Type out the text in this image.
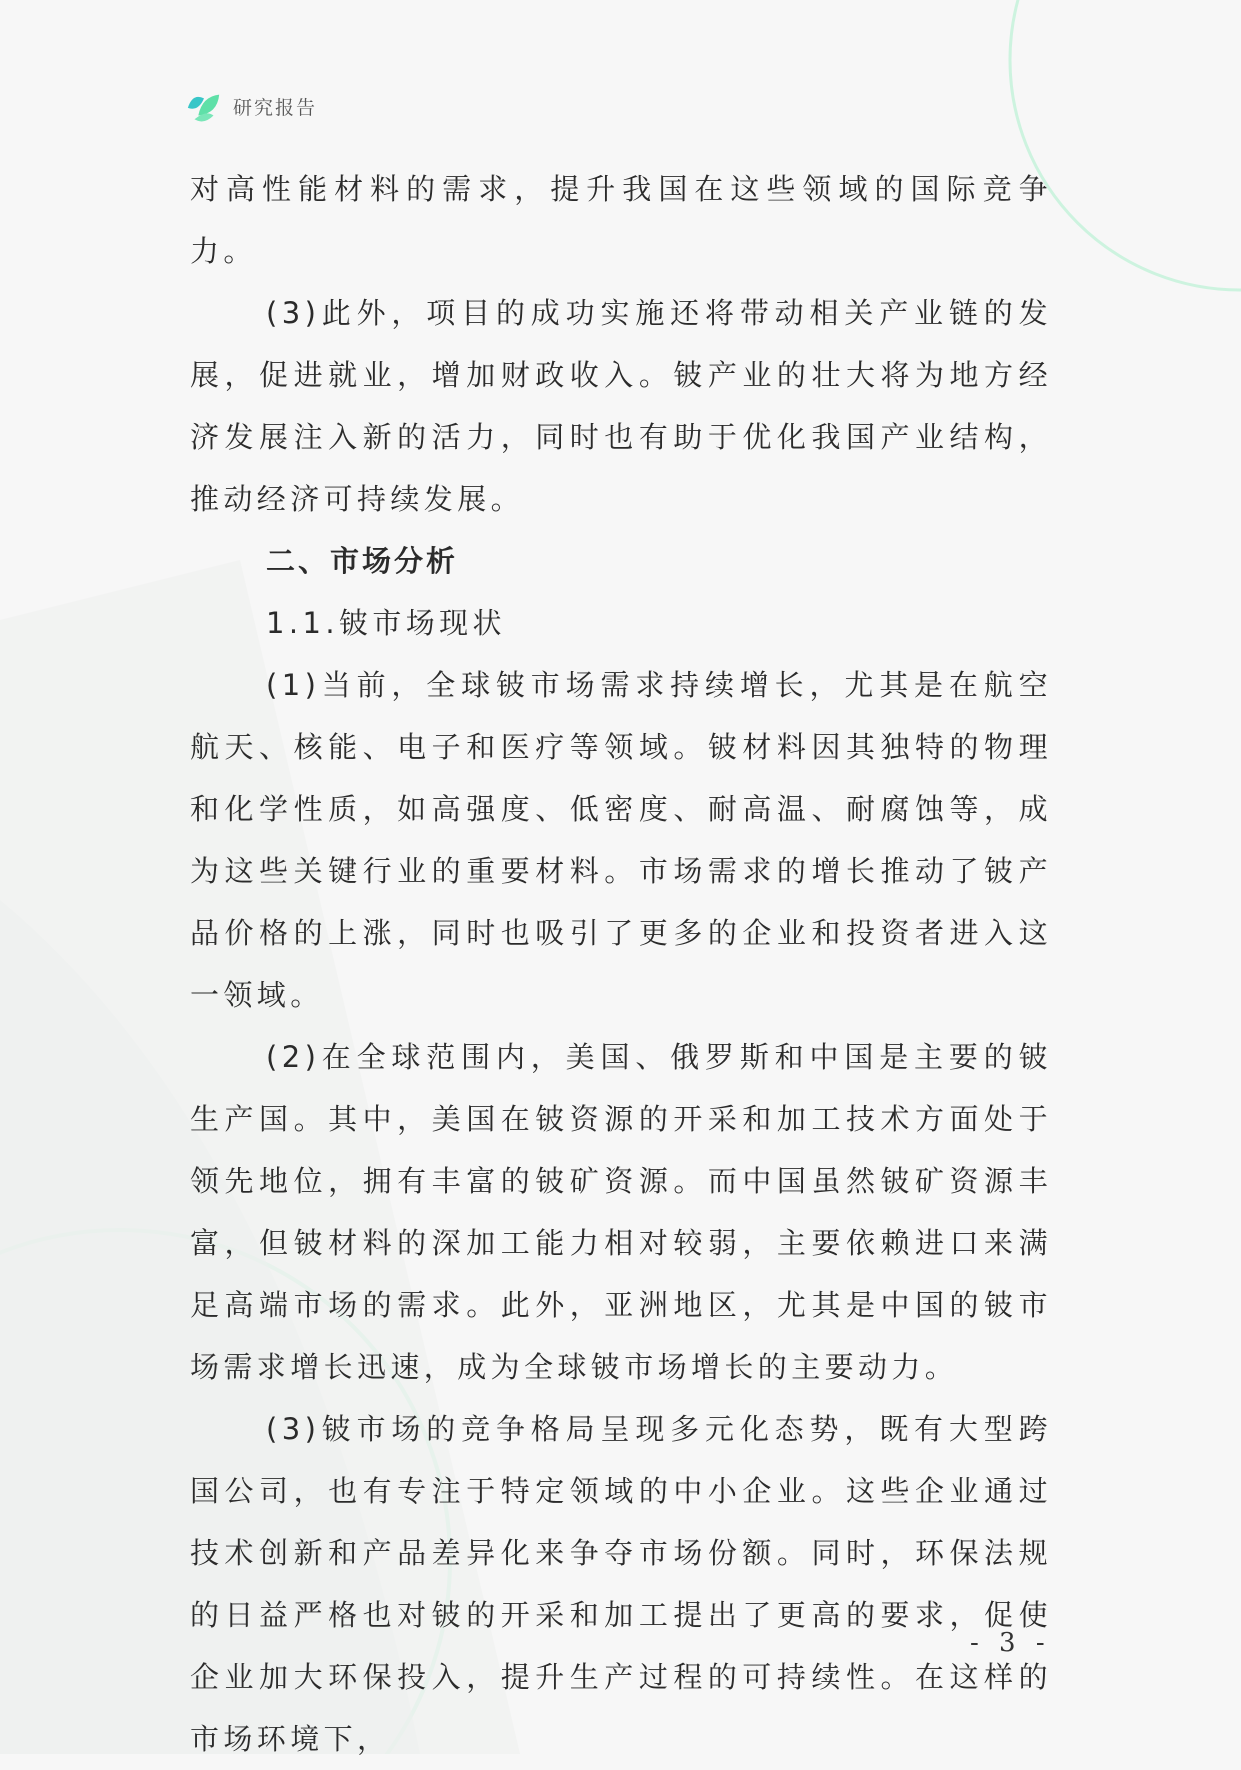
研究报告

对高性能材料的需求，提升我国在这些领域的国际竞争力。

(3)此外，项目的成功实施还将带动相关产业链的发展，促进就业，增加财政收入。铍产业的壮大将为地方经济发展注入新的活力，同时也有助于优化我国产业结构，推动经济可持续发展。

二、市场分析

1.1.铍市场现状

(1)当前，全球铍市场需求持续增长，尤其是在航空航天、核能、电子和医疗等领域。铍材料因其独特的物理和化学性质，如高强度、低密度、耐高温、耐腐蚀等，成为这些关键行业的重要材料。市场需求的增长推动了铍产品价格的上涨，同时也吸引了更多的企业和投资者进入这一领域。

(2)在全球范围内，美国、俄罗斯和中国是主要的铍生产国。其中，美国在铍资源的开采和加工技术方面处于领先地位，拥有丰富的铍矿资源。而中国虽然铍矿资源丰富，但铍材料的深加工能力相对较弱，主要依赖进口来满足高端市场的需求。此外，亚洲地区，尤其是中国的铍市场需求增长迅速，成为全球铍市场增长的主要动力。

(3)铍市场的竞争格局呈现多元化态势，既有大型跨国公司，也有专注于特定领域的中小企业。这些企业通过技术创新和产品差异化来争夺市场份额。同时，环保法规的日益严格也对铍的开采和加工提出了更高的要求，促使企业加大环保投入，提升生产过程的可持续性。在这样的市场环境下，

- 3 -
